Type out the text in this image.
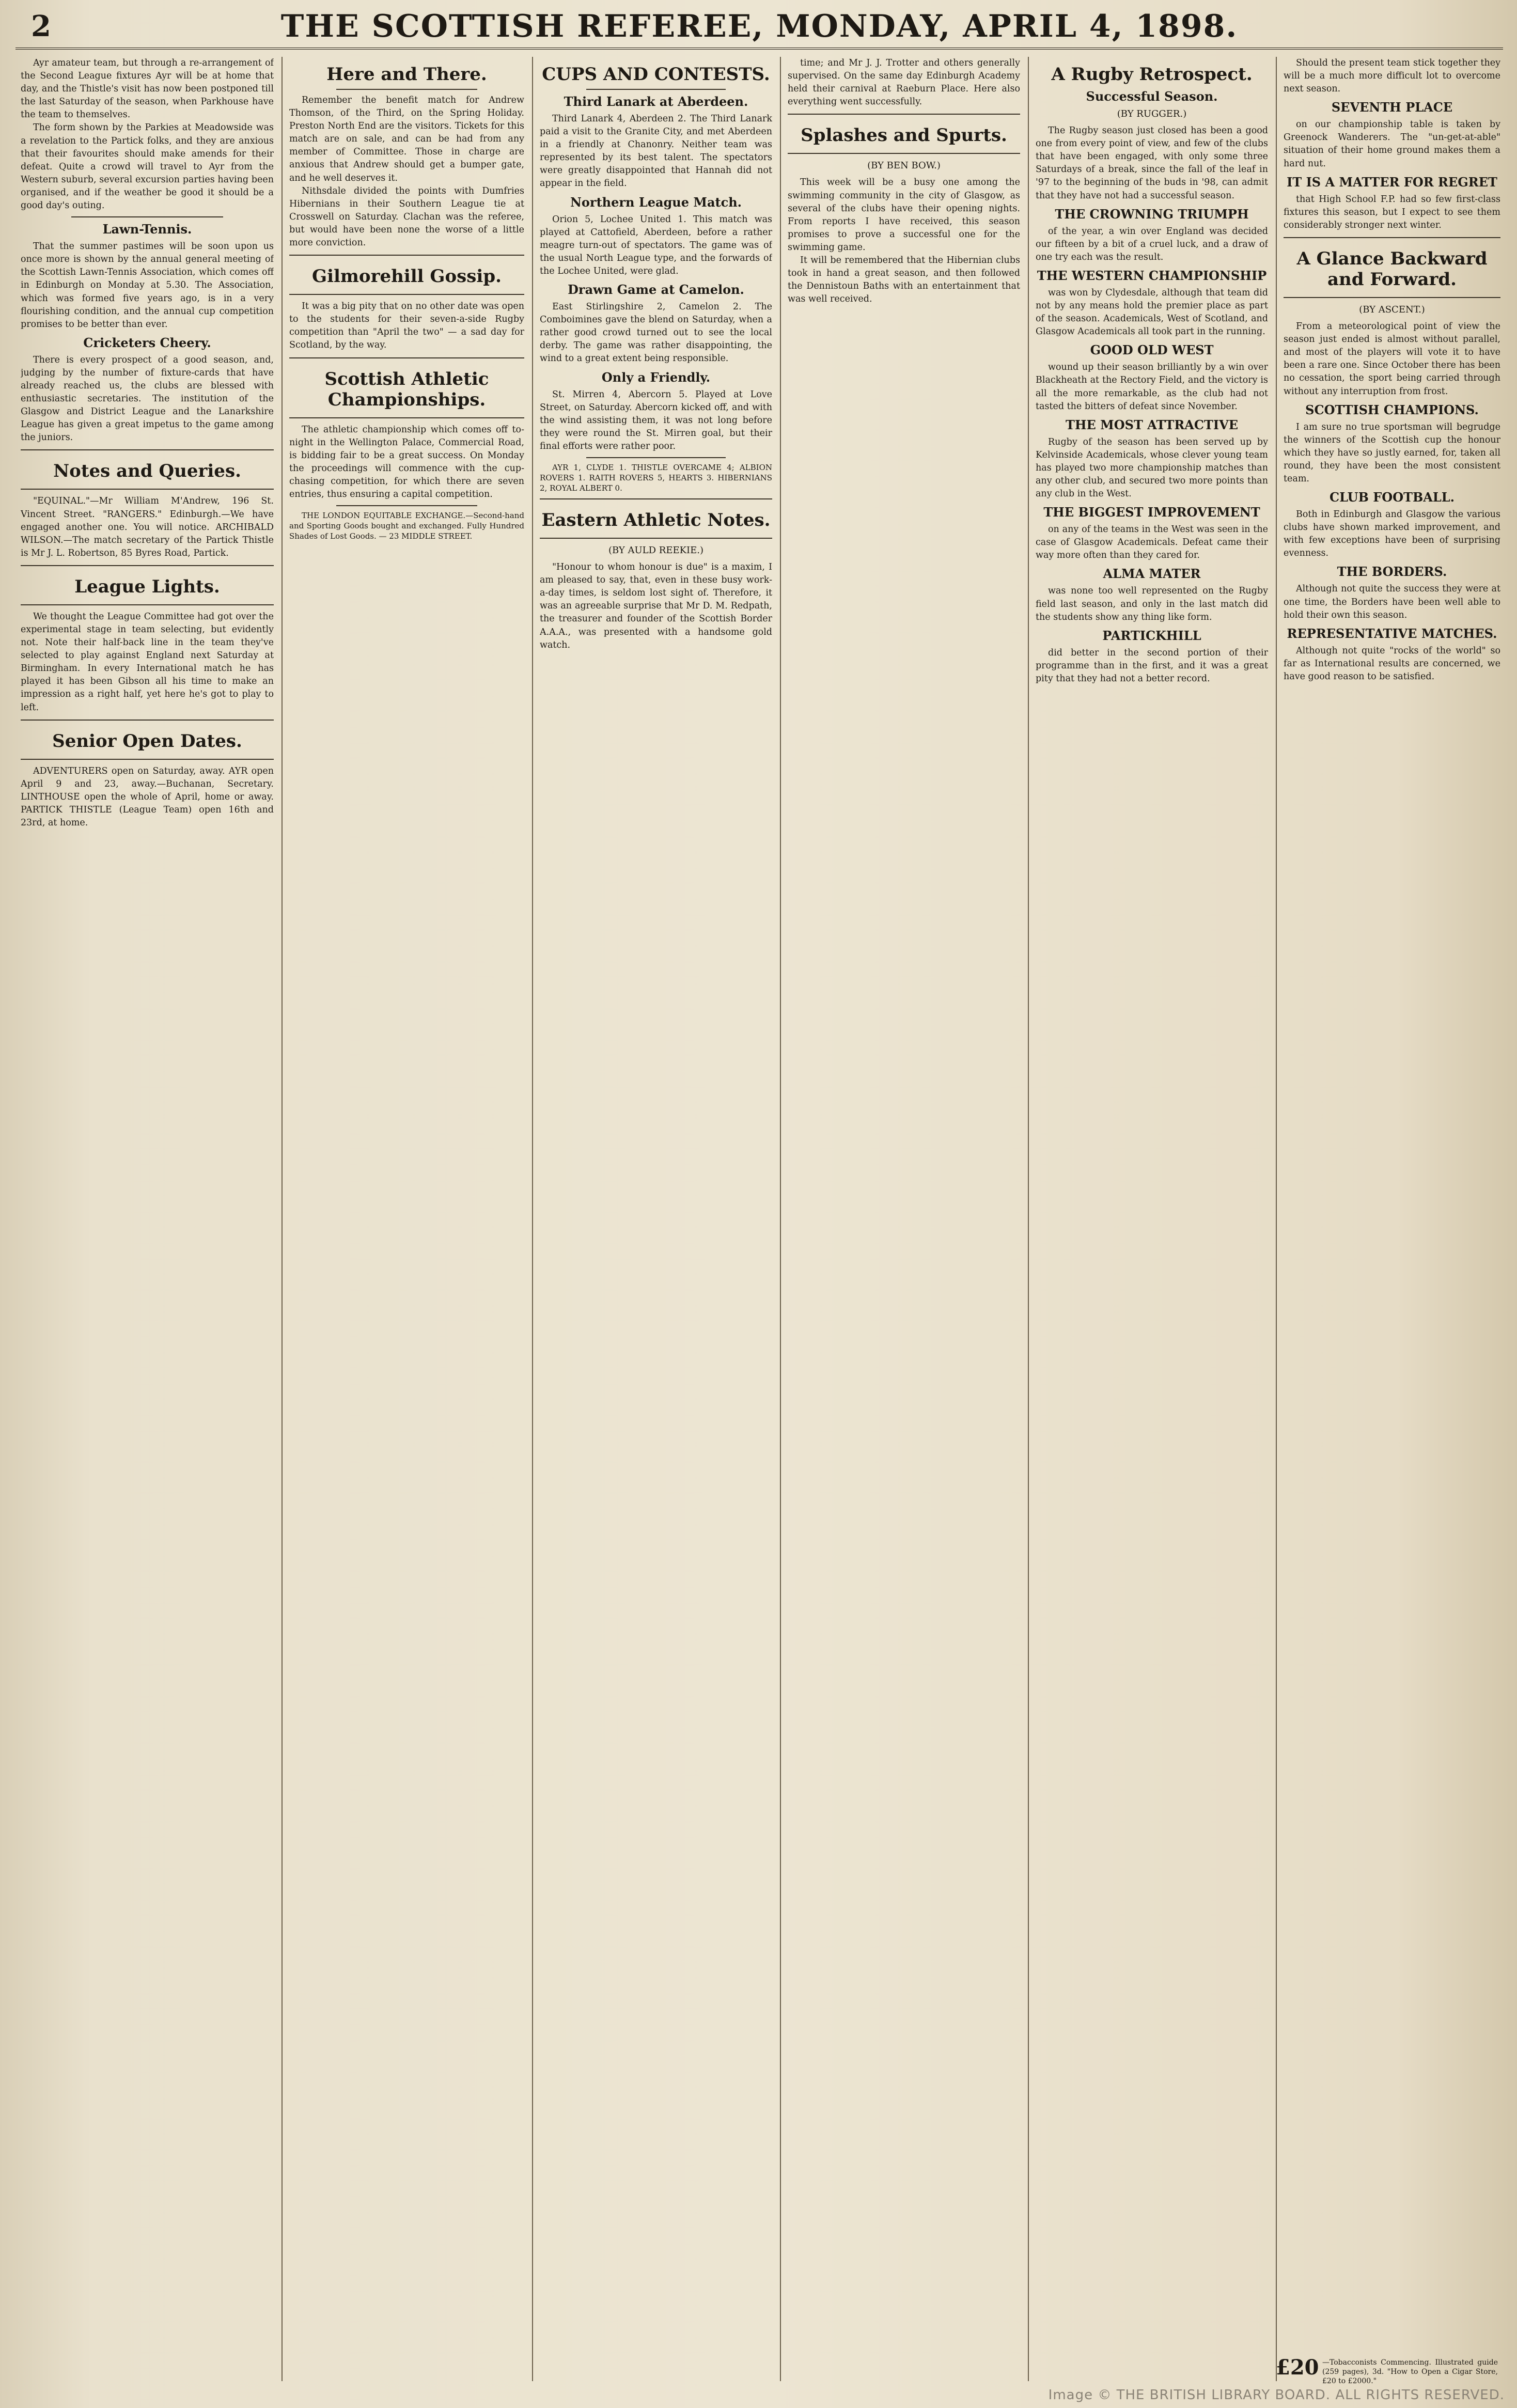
2	THE SCOTTISH REFEREE, MONDAY, APRIL 4, 1898.

Ayr amateur team, but through a re-arrangement of the Second League fixtures Ayr will be at home that day, and the Thistle's visit has now been postponed till the last Saturday of the season, when Parkhouse have the team to themselves.

The form shown by the Parkies at Meadowside was a revelation to the Partick folks, and they are anxious that their favourites should make amends for their defeat. Quite a crowd will travel to Ayr from the Western suburb, several excursion parties having been organised, and if the weather be good it should be a good day's outing.

Lawn-Tennis.

That the summer pastimes will be soon upon us once more is shown by the annual general meeting of the Scottish Lawn-Tennis Association, which comes off in Edinburgh on Monday at 5.30. The Association, which was formed five years ago, is in a very flourishing condition, and the annual cup competition promises to be better than ever.

Cricketers Cheery.

There is every prospect of a good season, and, judging by the number of fixture-cards that have already reached us, the clubs are blessed with enthusiastic secretaries. The institution of the Glasgow and District League and the Lanarkshire League has given a great impetus to the game among the juniors.

Notes and Queries.

"EQUINAL."—Mr William M'Andrew, 196 St. Vincent Street. "RANGERS." Edinburgh.—We have engaged another one. You will notice. ARCHIBALD WILSON.—The match secretary of the Partick Thistle is Mr J. L. Robertson, 85 Byres Road, Partick.

League Lights.

We thought the League Committee had got over the experimental stage in team selecting, but evidently not. Note their half-back line in the team they've selected to play against England next Saturday at Birmingham. In every International match he has played it has been Gibson all his time to make an impression as a right half, yet here he's got to play to left.

Senior Open Dates.

ADVENTURERS open on Saturday, away. AYR open April 9 and 23, away.—Buchanan, Secretary. LINTHOUSE open the whole of April, home or away. PARTICK THISTLE (League Team) open 16th and 23rd, at home.

Here and There.

Remember the benefit match for Andrew Thomson, of the Third, on the Spring Holiday. Preston North End are the visitors. Tickets for this match are on sale, and can be had from any member of Committee. Those in charge are anxious that Andrew should get a bumper gate, and he well deserves it.

Nithsdale divided the points with Dumfries Hibernians in their Southern League tie at Crosswell on Saturday. Clachan was the referee, but would have been none the worse of a little more conviction.

Gilmorehill Gossip.

It was a big pity that on no other date was open to the students for their seven-a-side Rugby competition than "April the two" — a sad day for Scotland, by the way.

Scottish Athletic Championships.

The athletic championship which comes off to-night in the Wellington Palace, Commercial Road, is bidding fair to be a great success. On Monday the proceedings will commence with the cup-chasing competition, for which there are seven entries, thus ensuring a capital competition.

THE LONDON EQUITABLE EXCHANGE.—Second-hand and Sporting Goods bought and exchanged. Fully Hundred Shades of Lost Goods. — 23 MIDDLE STREET.

CUPS AND CONTESTS.
Third Lanark at Aberdeen.

Third Lanark 4, Aberdeen 2. The Third Lanark paid a visit to the Granite City, and met Aberdeen in a friendly at Chanonry. Neither team was represented by its best talent. The spectators were greatly disappointed that Hannah did not appear in the field.

Northern League Match.

Orion 5, Lochee United 1. This match was played at Cattofield, Aberdeen, before a rather meagre turn-out of spectators. The game was of the usual North League type, and the forwards of the Lochee United, were glad.

Drawn Game at Camelon.

East Stirlingshire 2, Camelon 2. The Comboimines gave the blend on Saturday, when a rather good crowd turned out to see the local derby. The game was rather disappointing, the wind to a great extent being responsible.

Only a Friendly.

St. Mirren 4, Abercorn 5. Played at Love Street, on Saturday. Abercorn kicked off, and with the wind assisting them, it was not long before they were round the St. Mirren goal, but their final efforts were rather poor.

AYR 1, CLYDE 1. THISTLE OVERCAME 4; ALBION ROVERS 1. RAITH ROVERS 5, HEARTS 3. HIBERNIANS 2, ROYAL ALBERT 0.

Eastern Athletic Notes.
(BY AULD REEKIE.)

"Honour to whom honour is due" is a maxim, I am pleased to say, that, even in these busy work-a-day times, is seldom lost sight of. Therefore, it was an agreeable surprise that Mr D. M. Redpath, the treasurer and founder of the Scottish Border A.A.A., was presented with a handsome gold watch.

time; and Mr J. J. Trotter and others generally supervised. On the same day Edinburgh Academy held their carnival at Raeburn Place. Here also everything went successfully.

Splashes and Spurts.
(BY BEN BOW.)

This week will be a busy one among the swimming community in the city of Glasgow, as several of the clubs have their opening nights. From reports I have received, this season promises to prove a successful one for the swimming game.

It will be remembered that the Hibernian clubs took in hand a great season, and then followed the Dennistoun Baths with an entertainment that was well received.

A Rugby Retrospect.
Successful Season.
(BY RUGGER.)

The Rugby season just closed has been a good one from every point of view, and few of the clubs that have been engaged, with only some three Saturdays of a break, since the fall of the leaf in '97 to the beginning of the buds in '98, can admit that they have not had a successful season.

THE CROWNING TRIUMPH

of the year, a win over England was decided our fifteen by a bit of a cruel luck, and a draw of one try each was the result.

THE WESTERN CHAMPIONSHIP

was won by Clydesdale, although that team did not by any means hold the premier place as part of the season. Academicals, West of Scotland, and Glasgow Academicals all took part in the running.

GOOD OLD WEST

wound up their season brilliantly by a win over Blackheath at the Rectory Field, and the victory is all the more remarkable, as the club had not tasted the bitters of defeat since November.

THE MOST ATTRACTIVE

Rugby of the season has been served up by Kelvinside Academicals, whose clever young team has played two more championship matches than any other club, and secured two more points than any club in the West.

THE BIGGEST IMPROVEMENT

on any of the teams in the West was seen in the case of Glasgow Academicals. Defeat came their way more often than they cared for.

ALMA MATER

was none too well represented on the Rugby field last season, and only in the last match did the students show any thing like form.

PARTICKHILL

did better in the second portion of their programme than in the first, and it was a great pity that they had not a better record.

Should the present team stick together they will be a much more difficult lot to overcome next season.

SEVENTH PLACE

on our championship table is taken by Greenock Wanderers. The "un-get-at-able" situation of their home ground makes them a hard nut.

IT IS A MATTER FOR REGRET

that High School F.P. had so few first-class fixtures this season, but I expect to see them considerably stronger next winter.

A Glance Backward and Forward.
(BY ASCENT.)

From a meteorological point of view the season just ended is almost without parallel, and most of the players will vote it to have been a rare one. Since October there has been no cessation, the sport being carried through without any interruption from frost.

SCOTTISH CHAMPIONS.

I am sure no true sportsman will begrudge the winners of the Scottish cup the honour which they have so justly earned, for, taken all round, they have been the most consistent team.

CLUB FOOTBALL.

Both in Edinburgh and Glasgow the various clubs have shown marked improvement, and with few exceptions have been of surprising evenness.

THE BORDERS.

Although not quite the success they were at one time, the Borders have been well able to hold their own this season.

REPRESENTATIVE MATCHES.

Although not quite "rocks of the world" so far as International results are concerned, we have good reason to be satisfied.

£20 —Tobacconists Commencing. Illustrated guide (259 pages), 3d. "How to Open a Cigar Store, £20 to £2000."
Image © THE BRITISH LIBRARY BOARD. ALL RIGHTS RESERVED.
